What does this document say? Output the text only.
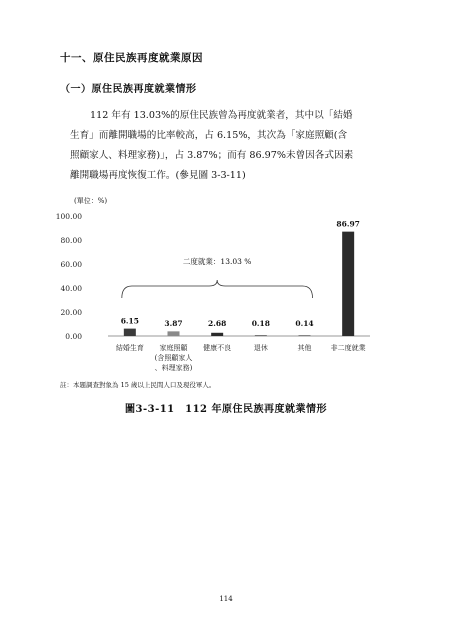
十一、原住民族再度就業原因
（一）原住民族再度就業情形

112 年有 13.03%的原住民族曾為再度就業者，其中以「結婚

生育」而離開職場的比率較高，占 6.15%，其次為「家庭照顧(含

照顧家人、料理家務)」，占 3.87%；而有 86.97%未曾因各式因素

離開職場再度恢復工作。(參見圖 3-3-11)

(單位：%)
0.00
20.00
40.00
60.00
80.00
100.00
二度就業：13.03 %
6.15	3.87	2.68	0.18	0.14
86.97
結婚生育	家庭照顧(含照顧家人、料理家務)
健康不良	退休	其他	非二度就業
註：本題調查對象為 15 歲以上民間人口及現役軍人。
圖3-3-11　112 年原住民族再度就業情形
114
